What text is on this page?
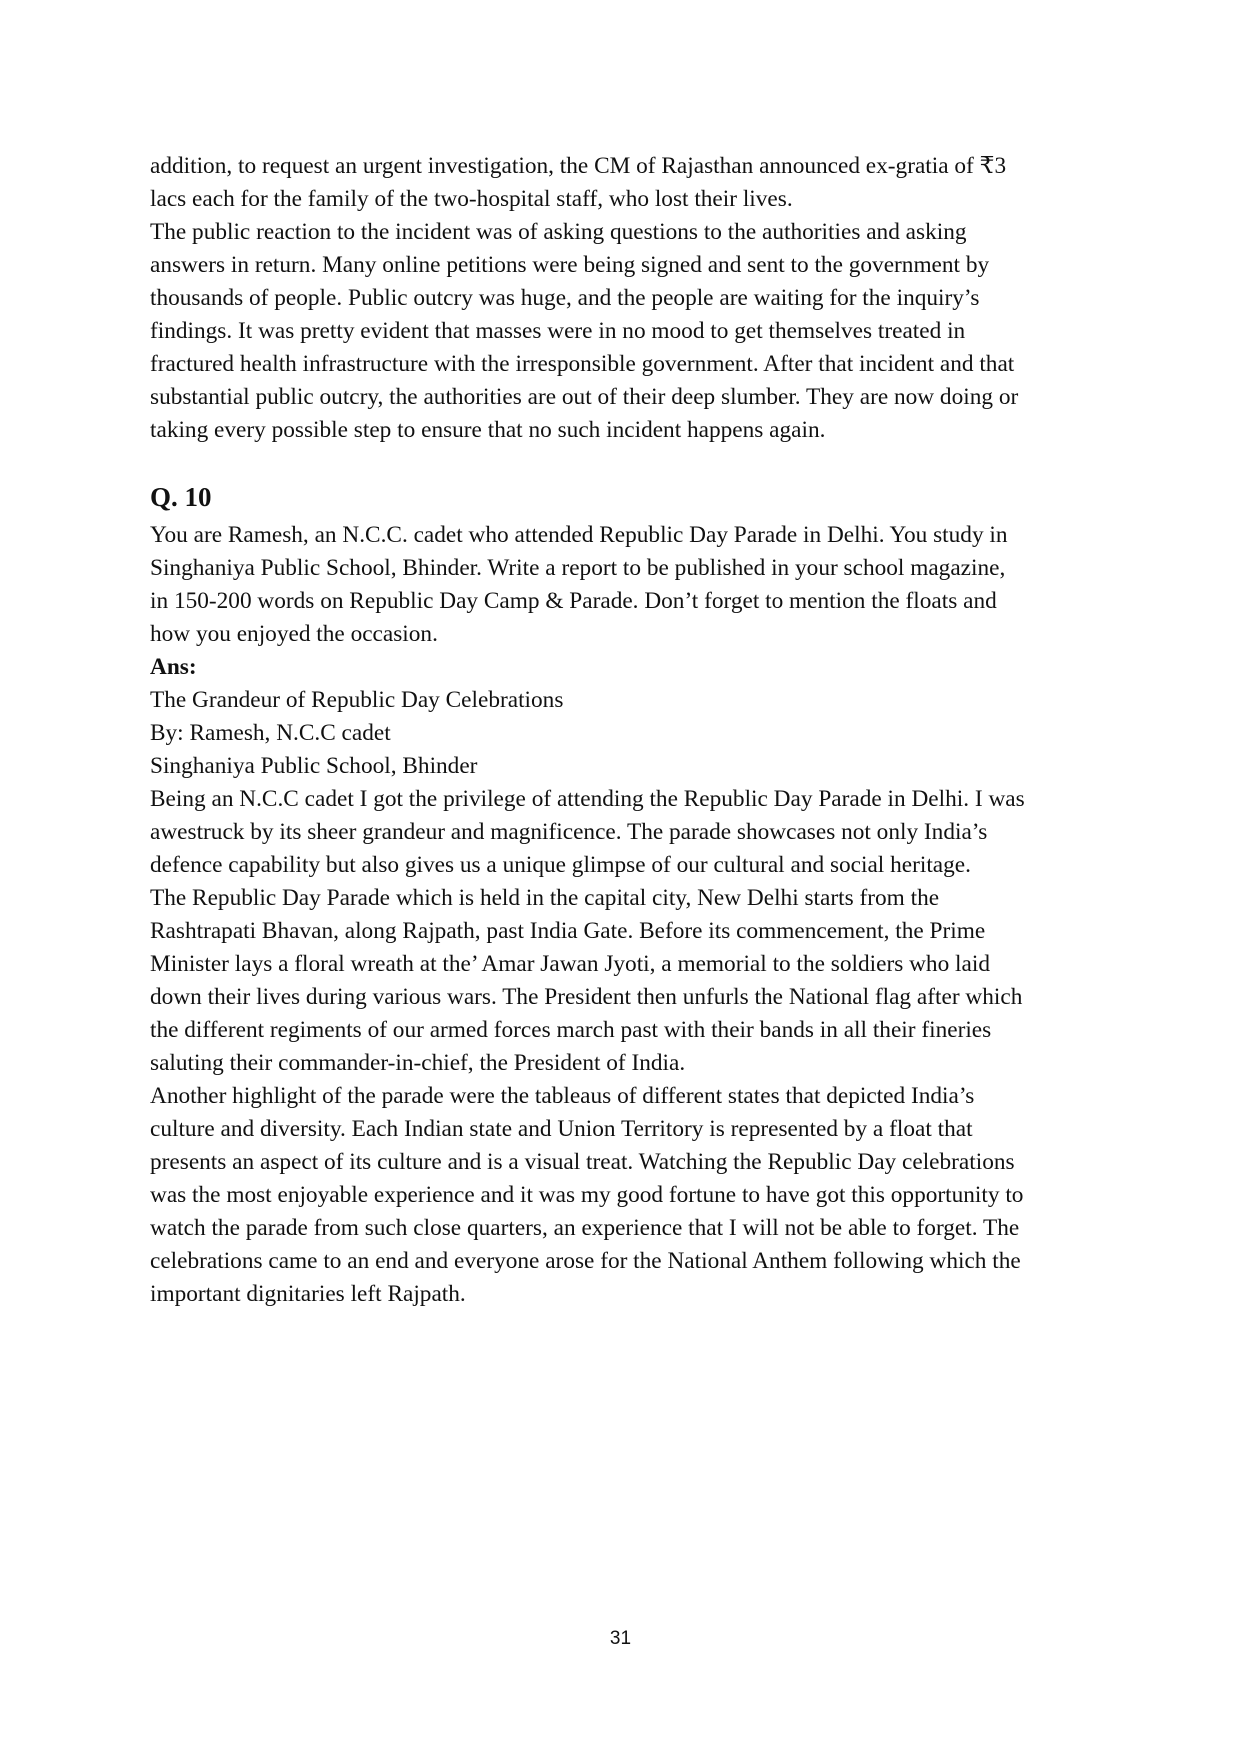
addition, to request an urgent investigation, the CM of Rajasthan announced ex-gratia of ₹3
lacs each for the family of the two-hospital staff, who lost their lives.

The public reaction to the incident was of asking questions to the authorities and asking
answers in return. Many online petitions were being signed and sent to the government by
thousands of people. Public outcry was huge, and the people are waiting for the inquiry’s
findings. It was pretty evident that masses were in no mood to get themselves treated in
fractured health infrastructure with the irresponsible government. After that incident and that
substantial public outcry, the authorities are out of their deep slumber. They are now doing or
taking every possible step to ensure that no such incident happens again.

Q. 10

You are Ramesh, an N.C.C. cadet who attended Republic Day Parade in Delhi. You study in
Singhaniya Public School, Bhinder. Write a report to be published in your school magazine,
in 150-200 words on Republic Day Camp & Parade. Don’t forget to mention the floats and
how you enjoyed the occasion.

Ans:

The Grandeur of Republic Day Celebrations

By: Ramesh, N.C.C cadet

Singhaniya Public School, Bhinder

Being an N.C.C cadet I got the privilege of attending the Republic Day Parade in Delhi. I was
awestruck by its sheer grandeur and magnificence. The parade showcases not only India’s
defence capability but also gives us a unique glimpse of our cultural and social heritage.

The Republic Day Parade which is held in the capital city, New Delhi starts from the
Rashtrapati Bhavan, along Rajpath, past India Gate. Before its commencement, the Prime
Minister lays a floral wreath at the’ Amar Jawan Jyoti, a memorial to the soldiers who laid
down their lives during various wars. The President then unfurls the National flag after which
the different regiments of our armed forces march past with their bands in all their fineries
saluting their commander-in-chief, the President of India.

Another highlight of the parade were the tableaus of different states that depicted India’s
culture and diversity. Each Indian state and Union Territory is represented by a float that
presents an aspect of its culture and is a visual treat. Watching the Republic Day celebrations
was the most enjoyable experience and it was my good fortune to have got this opportunity to
watch the parade from such close quarters, an experience that I will not be able to forget. The
celebrations came to an end and everyone arose for the National Anthem following which the
important dignitaries left Rajpath.

31
